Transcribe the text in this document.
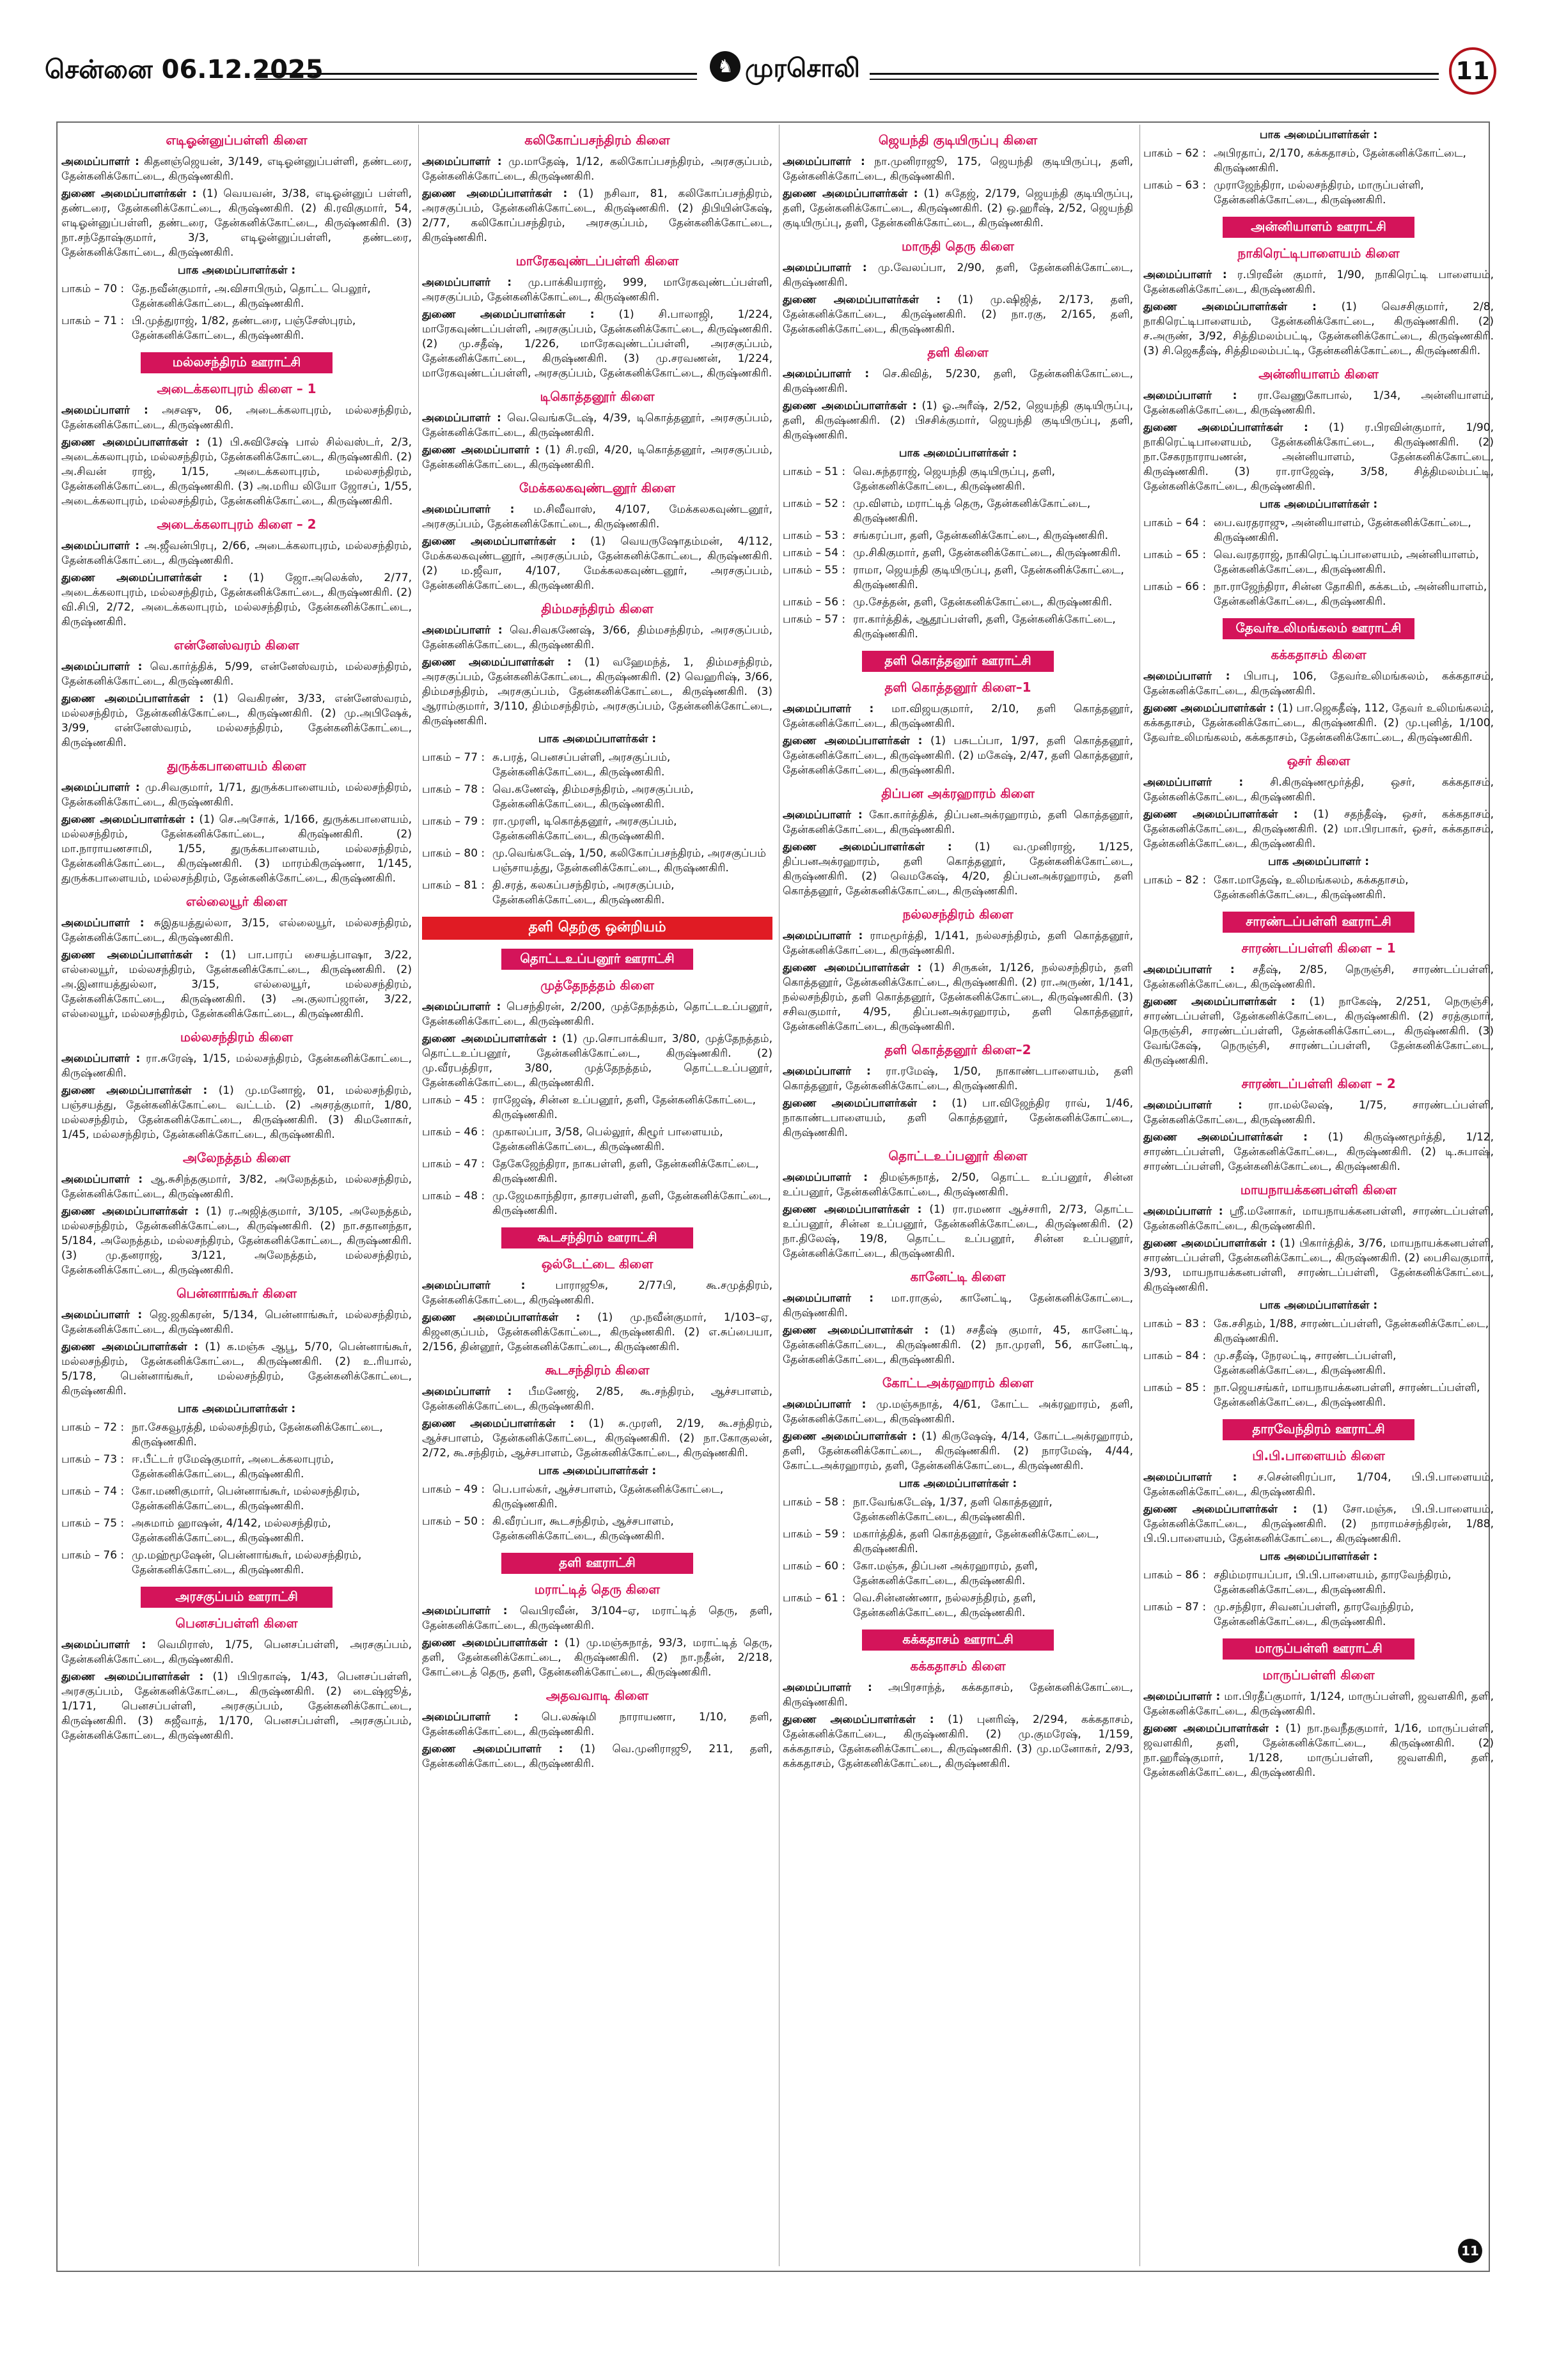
சென்னை 06.12.2025	♞ முரசொலி	11
எடிஓன்னுப்பள்ளி கிளை
அமைப்பாளர் : கிதனஞ்ஜெயன், 3/149, எடிஓன்னுப்பள்ளி, தண்டரை, தேன்கனிக்கோட்டை, கிருஷ்ணகிரி.
துணை அமைப்பாளர்கள் : (1) வெயவன், 3/38, எடிஓன்னுப் பள்ளி, தண்டரை, தேன்கனிக்கோட்டை, கிருஷ்ணகிரி. (2) கி.ரவிகுமார், 54, எடிஓன்னுப்பள்ளி, தண்டரை, தேன்கனிக்கோட்டை, கிருஷ்ணகிரி. (3) நா.சந்தோஷ்குமார், 3/3, எடிஓன்னுப்பள்ளி, தண்டரை, தேன்கனிக்கோட்டை, கிருஷ்ணகிரி.
பாக அமைப்பாளர்கள் :
பாகம் – 70 : தே.நவீன்குமார், அ.விசாபிரும், தொட்ட பெலூர், தேன்கனிக்கோட்டை, கிருஷ்ணகிரி.
பாகம் – 71 : பி.முத்துராஜ், 1/82, தண்டரை, பஞ்சேஸ்புரம், தேன்கனிக்கோட்டை, கிருஷ்ணகிரி.
மல்லசந்திரம் ஊராட்சி
அடைக்கலாபுரம் கிளை – 1
அமைப்பாளர் : அசஷு, 06, அடைக்கலாபுரம், மல்லசந்திரம், தேன்கனிக்கோட்டை, கிருஷ்ணகிரி.
துணை அமைப்பாளர்கள் : (1) பி.சுவிசேஷ் பால் சில்வஸ்டர், 2/3, அடைக்கலாபுரம், மல்லசந்திரம், தேன்கனிக்கோட்டை, கிருஷ்ணகிரி. (2) அ.சிவன் ராஜ், 1/15, அடைக்கலாபுரம், மல்லசந்திரம், தேன்கனிக்கோட்டை, கிருஷ்ணகிரி. (3) அ.மரிய லியோ ஜோசப், 1/55, அடைக்கலாபுரம், மல்லசந்திரம், தேன்கனிக்கோட்டை, கிருஷ்ணகிரி.
அடைக்கலாபுரம் கிளை – 2
அமைப்பாளர் : அ.ஜீவன்பிரபு, 2/66, அடைக்கலாபுரம், மல்லசந்திரம், தேன்கனிக்கோட்டை, கிருஷ்ணகிரி.
துணை அமைப்பாளர்கள் : (1) ஜோ.அலெக்ஸ், 2/77, அடைக்கலாபுரம், மல்லசந்திரம், தேன்கனிக்கோட்டை, கிருஷ்ணகிரி. (2) வி.சிபி, 2/72, அடைக்கலாபுரம், மல்லசந்திரம், தேன்கனிக்கோட்டை, கிருஷ்ணகிரி.
என்னேஸ்வரம் கிளை
அமைப்பாளர் : வெ.கார்த்திக், 5/99, என்னேஸ்வரம், மல்லசந்திரம், தேன்கனிக்கோட்டை, கிருஷ்ணகிரி.
துணை அமைப்பாளர்கள் : (1) வெகிரண், 3/33, என்னேஸ்வரம், மல்லசந்திரம், தேன்கனிக்கோட்டை, கிருஷ்ணகிரி. (2) மு.அபிஷேக், 3/99, என்னேஸ்வரம், மல்லசந்திரம், தேன்கனிக்கோட்டை, கிருஷ்ணகிரி.
துருக்கபாளையம் கிளை
அமைப்பாளர் : மு.சிவகுமார், 1/71, துருக்கபாளையம், மல்லசந்திரம், தேன்கனிக்கோட்டை, கிருஷ்ணகிரி.
துணை அமைப்பாளர்கள் : (1) செ.அசோக், 1/166, துருக்கபாளையம், மல்லசந்திரம், தேன்கனிக்கோட்டை, கிருஷ்ணகிரி. (2) மா.நாராயணசாமி, 1/55, துருக்கபாளையம், மல்லசந்திரம், தேன்கனிக்கோட்டை, கிருஷ்ணகிரி. (3) மாரம்கிருஷ்ணா, 1/145, துருக்கபாளையம், மல்லசந்திரம், தேன்கனிக்கோட்டை, கிருஷ்ணகிரி.
எல்லையூர் கிளை
அமைப்பாளர் : சுஇதயத்துல்லா, 3/15, எல்லையூர், மல்லசந்திரம், தேன்கனிக்கோட்டை, கிருஷ்ணகிரி.
துணை அமைப்பாளர்கள் : (1) பா.பாரப் சையத்பாஷா, 3/22, எல்லையூர், மல்லசந்திரம், தேன்கனிக்கோட்டை, கிருஷ்ணகிரி. (2) அ.இனாயத்துல்லா, 3/15, எல்லையூர், மல்லசந்திரம், தேன்கனிக்கோட்டை, கிருஷ்ணகிரி. (3) அ.குலாப்ஜான், 3/22, எல்லையூர், மல்லசந்திரம், தேன்கனிக்கோட்டை, கிருஷ்ணகிரி.
மல்லசந்திரம் கிளை
அமைப்பாளர் : ரா.சுரேஷ், 1/15, மல்லசந்திரம், தேன்கனிக்கோட்டை, கிருஷ்ணகிரி.
துணை அமைப்பாளர்கள் : (1) மு.மனோஜ், 01, மல்லசந்திரம், பஞ்சயத்து, தேன்கனிக்கோட்டை வட்டம். (2) அசரத்குமார், 1/80, மல்லசந்திரம், தேன்கனிக்கோட்டை, கிருஷ்ணகிரி. (3) கிமனோகர், 1/45, மல்லசந்திரம், தேன்கனிக்கோட்டை, கிருஷ்ணகிரி.
அலேநத்தம் கிளை
அமைப்பாளர் : ஆ.சுசிந்தகுமார், 3/82, அலேநத்தம், மல்லசந்திரம், தேன்கனிக்கோட்டை, கிருஷ்ணகிரி.
துணை அமைப்பாளர்கள் : (1) ர.அஜித்குமார், 3/105, அலேநத்தம், மல்லசந்திரம், தேன்கனிக்கோட்டை, கிருஷ்ணகிரி. (2) நா.சதானந்தா, 5/184, அலேநத்தம், மல்லசந்திரம், தேன்கனிக்கோட்டை, கிருஷ்ணகிரி. (3) மு.தனராஜ், 3/121, அலேநத்தம், மல்லசந்திரம், தேன்கனிக்கோட்டை, கிருஷ்ணகிரி.
பென்னாங்கூர் கிளை
அமைப்பாளர் : ஜெ.ஜகிகரன், 5/134, பென்னாங்கூர், மல்லசந்திரம், தேன்கனிக்கோட்டை, கிருஷ்ணகிரி.
துணை அமைப்பாளர்கள் : (1) க.மஞ்சு ஆபூ, 5/70, பென்னாங்கூர், மல்லசந்திரம், தேன்கனிக்கோட்டை, கிருஷ்ணகிரி. (2) உ.ரியால், 5/178, பென்னாங்கூர், மல்லசந்திரம், தேன்கனிக்கோட்டை, கிருஷ்ணகிரி.
பாக அமைப்பாளர்கள் :
பாகம் – 72 : நா.சேகவூரத்தி, மல்லசந்திரம், தேன்கனிக்கோட்டை, கிருஷ்ணகிரி.
பாகம் – 73 : ஈ.பீட்டர் ரமேஷ்குமார், அடைக்கலாபுரம், தேன்கனிக்கோட்டை, கிருஷ்ணகிரி.
பாகம் – 74 : கோ.மணிகுமார், பென்னாங்கூர், மல்லசந்திரம், தேன்கனிக்கோட்டை, கிருஷ்ணகிரி.
பாகம் – 75 : அசுமாம் ஹாஷன், 4/142, மல்லசந்திரம், தேன்கனிக்கோட்டை, கிருஷ்ணகிரி.
பாகம் – 76 : மு.மஹ்மூஷேன், பென்னாங்கூர், மல்லசந்திரம், தேன்கனிக்கோட்டை, கிருஷ்ணகிரி.
அரசகுப்பம் ஊராட்சி
பெனசப்பள்ளி கிளை
அமைப்பாளர் : வெமிராஸ், 1/75, பெனசப்பள்ளி, அரசகுப்பம், தேன்கனிக்கோட்டை, கிருஷ்ணகிரி.
துணை அமைப்பாளர்கள் : (1) பிபிரகாஷ், 1/43, பெனசப்பள்ளி, அரசகுப்பம், தேன்கனிக்கோட்டை, கிருஷ்ணகிரி. (2) டைஷ்ஜூத், 1/171, பெனசப்பள்ளி, அரசகுப்பம், தேன்கனிக்கோட்டை, கிருஷ்ணகிரி. (3) சுஜீவாத், 1/170, பெனசப்பள்ளி, அரசகுப்பம், தேன்கனிக்கோட்டை, கிருஷ்ணகிரி.
கலிகோப்பசந்திரம் கிளை
அமைப்பாளர் : மு.மாதேஷ், 1/12, கலிகோப்பசந்திரம், அரசகுப்பம், தேன்கனிக்கோட்டை, கிருஷ்ணகிரி.
துணை அமைப்பாளர்கள் : (1) நசிவா, 81, கலிகோப்பசந்திரம், அரசகுப்பம், தேன்கனிக்கோட்டை, கிருஷ்ணகிரி. (2) திபியின்கேஷ், 2/77, கலிகோப்பசந்திரம், அரசகுப்பம், தேன்கனிக்கோட்டை, கிருஷ்ணகிரி.
மாரேகவுண்டப்பள்ளி கிளை
அமைப்பாளர் : மு.பாக்கியராஜ், 999, மாரேகவுண்டப்பள்ளி, அரசகுப்பம், தேன்கனிக்கோட்டை, கிருஷ்ணகிரி.
துணை அமைப்பாளர்கள் : (1) சி.பாலாஜி, 1/224, மாரேகவுண்டப்பள்ளி, அரசகுப்பம், தேன்கனிக்கோட்டை, கிருஷ்ணகிரி. (2) மு.சதீஷ், 1/226, மாரேகவுண்டப்பள்ளி, அரசகுப்பம், தேன்கனிக்கோட்டை, கிருஷ்ணகிரி. (3) மு.சரவணன், 1/224, மாரேகவுண்டப்பள்ளி, அரசகுப்பம், தேன்கனிக்கோட்டை, கிருஷ்ணகிரி.
டிகொத்தனூர் கிளை
அமைப்பாளர் : வெ.வெங்கடேஷ், 4/39, டிகொத்தனூர், அரசகுப்பம், தேன்கனிக்கோட்டை, கிருஷ்ணகிரி.
துணை அமைப்பாளர் : (1) சி.ரவி, 4/20, டிகொத்தனூர், அரசகுப்பம், தேன்கனிக்கோட்டை, கிருஷ்ணகிரி.
மேக்கலகவுண்டனூர் கிளை
அமைப்பாளர் : ம.சிவீவாஸ், 4/107, மேக்கலகவுண்டனூர், அரசகுப்பம், தேன்கனிக்கோட்டை, கிருஷ்ணகிரி.
துணை அமைப்பாளர்கள் : (1) வெயருஷோதம்மன், 4/112, மேக்கலகவுண்டனூர், அரசகுப்பம், தேன்கனிக்கோட்டை, கிருஷ்ணகிரி. (2) ம.ஜீவா, 4/107, மேக்கலகவுண்டனூர், அரசகுப்பம், தேன்கனிக்கோட்டை, கிருஷ்ணகிரி.
திம்மசந்திரம் கிளை
அமைப்பாளர் : வெ.சிவகணேஷ், 3/66, திம்மசந்திரம், அரசகுப்பம், தேன்கனிக்கோட்டை, கிருஷ்ணகிரி.
துணை அமைப்பாளர்கள் : (1) வஹேமந்த், 1, திம்மசந்திரம், அரசகுப்பம், தேன்கனிக்கோட்டை, கிருஷ்ணகிரி. (2) வெஹரிஷ், 3/66, திம்மசந்திரம், அரசகுப்பம், தேன்கனிக்கோட்டை, கிருஷ்ணகிரி. (3) ஆராம்குமார், 3/110, திம்மசந்திரம், அரசகுப்பம், தேன்கனிக்கோட்டை, கிருஷ்ணகிரி.
பாக அமைப்பாளர்கள் :
பாகம் – 77 : சு.பரத், பெனசப்பள்ளி, அரசகுப்பம், தேன்கனிக்கோட்டை, கிருஷ்ணகிரி.
பாகம் – 78 : வெ.கணேஷ், திம்மசந்திரம், அரசகுப்பம், தேன்கனிக்கோட்டை, கிருஷ்ணகிரி.
பாகம் – 79 : ரா.முரளி, டிகொத்தனூர், அரசகுப்பம், தேன்கனிக்கோட்டை, கிருஷ்ணகிரி.
பாகம் – 80 : மு.வெங்கடேஷ், 1/50, கலிகோப்பசந்திரம், அரசகுப்பம் பஞ்சாயத்து, தேன்கனிக்கோட்டை, கிருஷ்ணகிரி.
பாகம் – 81 : தி.சரத், கலகப்பசந்திரம், அரசகுப்பம், தேன்கனிக்கோட்டை, கிருஷ்ணகிரி.
தளி தெற்கு ஒன்றியம்
தொட்டஉப்பனூர் ஊராட்சி
முத்தேநத்தம் கிளை
அமைப்பாளர் : பெசந்திரன், 2/200, முத்தேநத்தம், தொட்டஉப்பனூர், தேன்கனிக்கோட்டை, கிருஷ்ணகிரி.
துணை அமைப்பாளர்கள் : (1) மு.சொபாக்கியா, 3/80, முத்தேநத்தம், தொட்டஉப்பனூர், தேன்கனிக்கோட்டை, கிருஷ்ணகிரி. (2) மு.வீரபத்திரா, 3/80, முத்தேநத்தம், தொட்டஉப்பனூர், தேன்கனிக்கோட்டை, கிருஷ்ணகிரி.
பாகம் – 45 : ராஜேஷ், சின்ன உப்பனூர், தளி, தேன்கனிக்கோட்டை, கிருஷ்ணகிரி.
பாகம் – 46 : முகாலப்பா, 3/58, பெல்லூர், கிழூர் பாளையம், தேன்கனிக்கோட்டை, கிருஷ்ணகிரி.
பாகம் – 47 : தேகேஜேந்திரா, நாகபள்ளி, தளி, தேன்கனிக்கோட்டை, கிருஷ்ணகிரி.
பாகம் – 48 : மு.ஜேமகாந்திரா, தாசரபள்ளி, தளி, தேன்கனிக்கோட்டை, கிருஷ்ணகிரி.
கூடசந்திரம் ஊராட்சி
ஒல்டேட்டை கிளை
அமைப்பாளர் : பாராஜூசு, 2/77பி, கூ.சமுத்திரம், தேன்கனிக்கோட்டை, கிருஷ்ணகிரி.
துணை அமைப்பாளர்கள் : (1) மு.நவீன்குமார், 1/103–ஏ, கிஜனகுப்பம், தேன்கனிக்கோட்டை, கிருஷ்ணகிரி. (2) எ.சுப்பையா, 2/156, தின்னூர், தேன்கனிக்கோட்டை, கிருஷ்ணகிரி.
கூடசந்திரம் கிளை
அமைப்பாளர் : பீமணேஜ், 2/85, கூ.சந்திரம், ஆச்சபாளம், தேன்கனிக்கோட்டை, கிருஷ்ணகிரி.
துணை அமைப்பாளர்கள் : (1) சு.முரளி, 2/19, கூ.சந்திரம், ஆச்சபாளம், தேன்கனிக்கோட்டை, கிருஷ்ணகிரி. (2) நா.கோகுலன், 2/72, கூ.சந்திரம், ஆச்சபாளம், தேன்கனிக்கோட்டை, கிருஷ்ணகிரி.
பாக அமைப்பாளர்கள் :
பாகம் – 49 : பெ.பால்கர், ஆச்சபாளம், தேன்கனிக்கோட்டை, கிருஷ்ணகிரி.
பாகம் – 50 : கி.வீரப்பா, கூடசந்திரம், ஆச்சபாளம், தேன்கனிக்கோட்டை, கிருஷ்ணகிரி.
தளி ஊராட்சி
மராட்டித் தெரு கிளை
அமைப்பாளர் : வெபிரவீன், 3/104–ஏ, மராட்டித் தெரு, தளி, தேன்கனிக்கோட்டை, கிருஷ்ணகிரி.
துணை அமைப்பாளர்கள் : (1) மு.மஞ்சுநாத், 93/3, மராட்டித் தெரு, தளி, தேன்கனிக்கோட்டை, கிருஷ்ணகிரி. (2) நா.நதீன், 2/218, கோட்டைத் தெரு, தளி, தேன்கனிக்கோட்டை, கிருஷ்ணகிரி.
அதவவாடி கிளை
அமைப்பாளர் : பெ.லக்ஷ்மி நாராயணா, 1/10, தளி, தேன்கனிக்கோட்டை, கிருஷ்ணகிரி.
துணை அமைப்பாளர் : (1) வெ.முனிராஜூ, 211, தளி, தேன்கனிக்கோட்டை, கிருஷ்ணகிரி.
ஜெயந்தி குடியிருப்பு கிளை
அமைப்பாளர் : நா.முனிராஜூ, 175, ஜெயந்தி குடியிருப்பு, தளி, தேன்கனிக்கோட்டை, கிருஷ்ணகிரி.
துணை அமைப்பாளர்கள் : (1) சுதேஜ், 2/179, ஜெயந்தி குடியிருப்பு, தளி, தேன்கனிக்கோட்டை, கிருஷ்ணகிரி. (2) ஒ.ஹரீஷ், 2/52, ஜெயந்தி குடியிருப்பு, தளி, தேன்கனிக்கோட்டை, கிருஷ்ணகிரி.
மாருதி தெரு கிளை
அமைப்பாளர் : மு.வேலப்பா, 2/90, தளி, தேன்கனிக்கோட்டை, கிருஷ்ணகிரி.
துணை அமைப்பாளர்கள் : (1) மு.ஷிஜித், 2/173, தளி, தேன்கனிக்கோட்டை, கிருஷ்ணகிரி. (2) நா.ரகு, 2/165, தளி, தேன்கனிக்கோட்டை, கிருஷ்ணகிரி.
தளி கிளை
அமைப்பாளர் : செ.கிவித், 5/230, தளி, தேன்கனிக்கோட்டை, கிருஷ்ணகிரி.
துணை அமைப்பாளர்கள் : (1) ஓ.அரீஷ், 2/52, ஜெயந்தி குடியிருப்பு, தளி, கிருஷ்ணகிரி. (2) பிசசிக்குமார், ஜெயந்தி குடியிருப்பு, தளி, கிருஷ்ணகிரி.
பாக அமைப்பாளர்கள் :
பாகம் – 51 : வெ.சுந்தராஜ், ஜெயந்தி குடியிருப்பு, தளி, தேன்கனிக்கோட்டை, கிருஷ்ணகிரி.
பாகம் – 52 : மு.விளம், மராட்டித் தெரு, தேன்கனிக்கோட்டை, கிருஷ்ணகிரி.
பாகம் – 53 : சங்கரப்பா, தளி, தேன்கனிக்கோட்டை, கிருஷ்ணகிரி.
பாகம் – 54 : மு.சிகிகுமார், தளி, தேன்கனிக்கோட்டை, கிருஷ்ணகிரி.
பாகம் – 55 : ராமா, ஜெயந்தி குடியிருப்பு, தளி, தேன்கனிக்கோட்டை, கிருஷ்ணகிரி.
பாகம் – 56 : மு.சேத்தன், தளி, தேன்கனிக்கோட்டை, கிருஷ்ணகிரி.
பாகம் – 57 : ரா.கார்த்திக், ஆதூப்பள்ளி, தளி, தேன்கனிக்கோட்டை, கிருஷ்ணகிரி.
தளி கொத்தனூர் ஊராட்சி
தளி கொத்தனூர் கிளை–1
அமைப்பாளர் : மா.விஜயகுமார், 2/10, தளி கொத்தனூர், தேன்கனிக்கோட்டை, கிருஷ்ணகிரி.
துணை அமைப்பாளர்கள் : (1) பசுடப்பா, 1/97, தளி கொத்தனூர், தேன்கனிக்கோட்டை, கிருஷ்ணகிரி. (2) மகேஷ், 2/47, தளி கொத்தனூர், தேன்கனிக்கோட்டை, கிருஷ்ணகிரி.
திப்பன அக்ரஹாரம் கிளை
அமைப்பாளர் : கோ.கார்த்திக், திப்பனஅக்ரஹாரம், தளி கொத்தனூர், தேன்கனிக்கோட்டை, கிருஷ்ணகிரி.
துணை அமைப்பாளர்கள் : (1) வ.முனிராஜ், 1/125, திப்பனஅக்ரஹாரம், தளி கொத்தனூர், தேன்கனிக்கோட்டை, கிருஷ்ணகிரி. (2) வெமகேஷ், 4/20, திப்பனஅக்ரஹாரம், தளி கொத்தனூர், தேன்கனிக்கோட்டை, கிருஷ்ணகிரி.
நல்லசந்திரம் கிளை
அமைப்பாளர் : ராமமூர்த்தி, 1/141, நல்லசந்திரம், தளி கொத்தனூர், தேன்கனிக்கோட்டை, கிருஷ்ணகிரி.
துணை அமைப்பாளர்கள் : (1) சிருகன், 1/126, நல்லசந்திரம், தளி கொத்தனூர், தேன்கனிக்கோட்டை, கிருஷ்ணகிரி. (2) ரா.அருண், 1/141, நல்லசந்திரம், தளி கொத்தனூர், தேன்கனிக்கோட்டை, கிருஷ்ணகிரி. (3) சசிவகுமார், 4/95, திப்பனஅக்ரஹாரம், தளி கொத்தனூர், தேன்கனிக்கோட்டை, கிருஷ்ணகிரி.
தளி கொத்தனூர் கிளை–2
அமைப்பாளர் : ரா.ரமேஷ், 1/50, நாகாண்டபாளையம், தளி கொத்தனூர், தேன்கனிக்கோட்டை, கிருஷ்ணகிரி.
துணை அமைப்பாளர்கள் : (1) பா.விஜேந்திர ராவ், 1/46, நாகாண்டபாளையம், தளி கொத்தனூர், தேன்கனிக்கோட்டை, கிருஷ்ணகிரி.
தொட்டஉப்பனூர் கிளை
அமைப்பாளர் : திமஞ்சுநாத், 2/50, தொட்ட உப்பனூர், சின்ன உப்பனூர், தேன்கனிக்கோட்டை, கிருஷ்ணகிரி.
துணை அமைப்பாளர்கள் : (1) ரா.ரமணா ஆச்சாரி, 2/73, தொட்ட உப்பனூர், சின்ன உப்பனூர், தேன்கனிக்கோட்டை, கிருஷ்ணகிரி. (2) நா.திலேஷ், 19/8, தொட்ட உப்பனூர், சின்ன உப்பனூர், தேன்கனிக்கோட்டை, கிருஷ்ணகிரி.
கானேட்டி கிளை
அமைப்பாளர் : மா.ராகுல், கானேட்டி, தேன்கனிக்கோட்டை, கிருஷ்ணகிரி.
துணை அமைப்பாளர்கள் : (1) சசதீஷ் குமார், 45, கானேட்டி, தேன்கனிக்கோட்டை, கிருஷ்ணகிரி. (2) நா.முரளி, 56, கானேட்டி, தேன்கனிக்கோட்டை, கிருஷ்ணகிரி.
கோட்டஅக்ரஹாரம் கிளை
அமைப்பாளர் : மு.மஞ்சுநாத், 4/61, கோட்ட அக்ரஹாரம், தளி, தேன்கனிக்கோட்டை, கிருஷ்ணகிரி.
துணை அமைப்பாளர்கள் : (1) கிருஷேஷ், 4/14, கோட்டஅக்ரஹாரம், தளி, தேன்கனிக்கோட்டை, கிருஷ்ணகிரி. (2) நாரமேஷ், 4/44, கோட்டஅக்ரஹாரம், தளி, தேன்கனிக்கோட்டை, கிருஷ்ணகிரி.
பாக அமைப்பாளர்கள் :
பாகம் – 58 : நா.வேங்கடேஷ், 1/37, தளி கொத்தனூர், தேன்கனிக்கோட்டை, கிருஷ்ணகிரி.
பாகம் – 59 : மகார்த்திக், தளி கொத்தனூர், தேன்கனிக்கோட்டை, கிருஷ்ணகிரி.
பாகம் – 60 : கோ.மஞ்சு, திப்பன அக்ரஹாரம், தளி, தேன்கனிக்கோட்டை, கிருஷ்ணகிரி.
பாகம் – 61 : வெ.சின்னண்ணா, நல்லசந்திரம், தளி, தேன்கனிக்கோட்டை, கிருஷ்ணகிரி.
கக்கதாசம் ஊராட்சி
கக்கதாசம் கிளை
அமைப்பாளர் : அபிரசாந்த், கக்கதாசம், தேன்கனிக்கோட்டை, கிருஷ்ணகிரி.
துணை அமைப்பாளர்கள் : (1) புனரிஷ், 2/294, கக்கதாசம், தேன்கனிக்கோட்டை, கிருஷ்ணகிரி. (2) மு.குமரேஷ், 1/159, கக்கதாசம், தேன்கனிக்கோட்டை, கிருஷ்ணகிரி. (3) மு.மனோகர், 2/93, கக்கதாசம், தேன்கனிக்கோட்டை, கிருஷ்ணகிரி.
பாக அமைப்பாளர்கள் :
பாகம் – 62 : அபிரதாப், 2/170, கக்கதாசம், தேன்கனிக்கோட்டை, கிருஷ்ணகிரி.
பாகம் – 63 : முராஜேந்திரா, மல்லசந்திரம், மாருப்பள்ளி, தேன்கனிக்கோட்டை, கிருஷ்ணகிரி.
அன்னியாளம் ஊராட்சி
நாகிரெட்டிபாளையம் கிளை
அமைப்பாளர் : ர.பிரவீன் குமார், 1/90, நாகிரெட்டி பாளையம், தேன்கனிக்கோட்டை, கிருஷ்ணகிரி.
துணை அமைப்பாளர்கள் : (1) வெசசிகுமார், 2/8, நாகிரெட்டிபாளையம், தேன்கனிக்கோட்டை, கிருஷ்ணகிரி. (2) ச.அருண், 3/92, சித்திமலம்பட்டி, தேன்கனிக்கோட்டை, கிருஷ்ணகிரி. (3) சி.ஜெகதீஷ், சித்திமலம்பட்டி, தேன்கனிக்கோட்டை, கிருஷ்ணகிரி.
அன்னியாளம் கிளை
அமைப்பாளர் : ரா.வேணுகோபால், 1/34, அன்னியாளம், தேன்கனிக்கோட்டை, கிருஷ்ணகிரி.
துணை அமைப்பாளர்கள் : (1) ர.பிரவின்குமார், 1/90, நாகிரெட்டிபாளையம், தேன்கனிக்கோட்டை, கிருஷ்ணகிரி. (2) நா.சேகரநாராயணன், அன்னியாளம், தேன்கனிக்கோட்டை, கிருஷ்ணகிரி. (3) ரா.ராஜேஷ், 3/58, சித்திமலம்பட்டி, தேன்கனிக்கோட்டை, கிருஷ்ணகிரி.
பாக அமைப்பாளர்கள் :
பாகம் – 64 : பை.வரதராஜு, அன்னியாளம், தேன்கனிக்கோட்டை, கிருஷ்ணகிரி.
பாகம் – 65 : வெ.வரதராஜ், நாகிரெட்டிப்பாளையம், அன்னியாளம், தேன்கனிக்கோட்டை, கிருஷ்ணகிரி.
பாகம் – 66 : நா.ராஜேந்திரா, சின்ன தோகிரி, கக்கடம், அன்னியாளம், தேன்கனிக்கோட்டை, கிருஷ்ணகிரி.
தேவர்உலிமங்கலம் ஊராட்சி
கக்கதாசம் கிளை
அமைப்பாளர் : பிபாபு, 106, தேவர்உலிமங்கலம், கக்கதாசம், தேன்கனிக்கோட்டை, கிருஷ்ணகிரி.
துணை அமைப்பாளர்கள் : (1) பா.ஜெகதீஷ், 112, தேவர் உலிமங்கலம், கக்கதாசம், தேன்கனிக்கோட்டை, கிருஷ்ணகிரி. (2) மு.புனித், 1/100, தேவர்உலிமங்கலம், கக்கதாசம், தேன்கனிக்கோட்டை, கிருஷ்ணகிரி.
ஒசர் கிளை
அமைப்பாளர் : சி.கிருஷ்ணமூர்த்தி, ஒசர், கக்கதாசம், தேன்கனிக்கோட்டை, கிருஷ்ணகிரி.
துணை அமைப்பாளர்கள் : (1) சதந்தீஷ், ஒசர், கக்கதாசம், தேன்கனிக்கோட்டை, கிருஷ்ணகிரி. (2) மா.பிரபாகர், ஒசர், கக்கதாசம், தேன்கனிக்கோட்டை, கிருஷ்ணகிரி.
பாக அமைப்பாளர் :
பாகம் – 82 : கோ.மாதேஷ், உலிமங்கலம், கக்கதாசம், தேன்கனிக்கோட்டை, கிருஷ்ணகிரி.
சாரண்டப்பள்ளி ஊராட்சி
சாரண்டப்பள்ளி கிளை – 1
அமைப்பாளர் : சதீஷ், 2/85, நெருஞ்சி, சாரண்டப்பள்ளி, தேன்கனிக்கோட்டை, கிருஷ்ணகிரி.
துணை அமைப்பாளர்கள் : (1) நாகேஷ், 2/251, நெருஞ்சி, சாரண்டப்பள்ளி, தேன்கனிக்கோட்டை, கிருஷ்ணகிரி. (2) சரத்குமார், நெருஞ்சி, சாரண்டப்பள்ளி, தேன்கனிக்கோட்டை, கிருஷ்ணகிரி. (3) வேங்கேஷ், நெருஞ்சி, சாரண்டப்பள்ளி, தேன்கனிக்கோட்டை, கிருஷ்ணகிரி.
சாரண்டப்பள்ளி கிளை – 2
அமைப்பாளர் : ரா.மல்லேஷ், 1/75, சாரண்டப்பள்ளி, தேன்கனிக்கோட்டை, கிருஷ்ணகிரி.
துணை அமைப்பாளர்கள் : (1) கிருஷ்ணமூர்த்தி, 1/12, சாரண்டப்பள்ளி, தேன்கனிக்கோட்டை, கிருஷ்ணகிரி. (2) டி.சுபாஷ், சாரண்டப்பள்ளி, தேன்கனிக்கோட்டை, கிருஷ்ணகிரி.
மாயநாயக்கனபள்ளி கிளை
அமைப்பாளர் : ஸ்ரீ.மனோகர், மாயநாயக்கனபள்ளி, சாரண்டப்பள்ளி, தேன்கனிக்கோட்டை, கிருஷ்ணகிரி.
துணை அமைப்பாளர்கள் : (1) பிகார்த்திக், 3/76, மாயநாயக்கனபள்ளி, சாரண்டப்பள்ளி, தேன்கனிக்கோட்டை, கிருஷ்ணகிரி. (2) பைசிவகுமார், 3/93, மாயநாயக்கனபள்ளி, சாரண்டப்பள்ளி, தேன்கனிக்கோட்டை, கிருஷ்ணகிரி.
பாக அமைப்பாளர்கள் :
பாகம் – 83 : கே.சசிதம், 1/88, சாரண்டப்பள்ளி, தேன்கனிக்கோட்டை, கிருஷ்ணகிரி.
பாகம் – 84 : மு.சதீஷ், நேரலட்டி, சாரண்டப்பள்ளி, தேன்கனிக்கோட்டை, கிருஷ்ணகிரி.
பாகம் – 85 : நா.ஜெயசங்கர், மாயநாயக்கனபள்ளி, சாரண்டப்பள்ளி, தேன்கனிக்கோட்டை, கிருஷ்ணகிரி.
தாரவேந்திரம் ஊராட்சி
பி.பி.பாளையம் கிளை
அமைப்பாளர் : ச.சென்னிரப்பா, 1/704, பி.பி.பாளையம், தேன்கனிக்கோட்டை, கிருஷ்ணகிரி.
துணை அமைப்பாளர்கள் : (1) சோ.மஞ்சு, பி.பி.பாளையம், தேன்கனிக்கோட்டை, கிருஷ்ணகிரி. (2) நாராமச்சந்திரன், 1/88, பி.பி.பாளையம், தேன்கனிக்கோட்டை, கிருஷ்ணகிரி.
பாக அமைப்பாளர்கள் :
பாகம் – 86 : சதிம்மராயப்பா, பி.பி.பாளையம், தாரவேந்திரம், தேன்கனிக்கோட்டை, கிருஷ்ணகிரி.
பாகம் – 87 : மு.சந்திரா, சிவனப்பள்ளி, தாரவேந்திரம், தேன்கனிக்கோட்டை, கிருஷ்ணகிரி.
மாருப்பள்ளி ஊராட்சி
மாருப்பள்ளி கிளை
அமைப்பாளர் : மா.பிரதீப்குமார், 1/124, மாருப்பள்ளி, ஜவளகிரி, தளி, தேன்கனிக்கோட்டை, கிருஷ்ணகிரி.
துணை அமைப்பாளர்கள் : (1) நா.நவநீதகுமார், 1/16, மாருப்பள்ளி, ஜவளகிரி, தளி, தேன்கனிக்கோட்டை, கிருஷ்ணகிரி. (2) நா.ஹரீஷ்குமார், 1/128, மாருப்பள்ளி, ஜவளகிரி, தளி, தேன்கனிக்கோட்டை, கிருஷ்ணகிரி.
11
